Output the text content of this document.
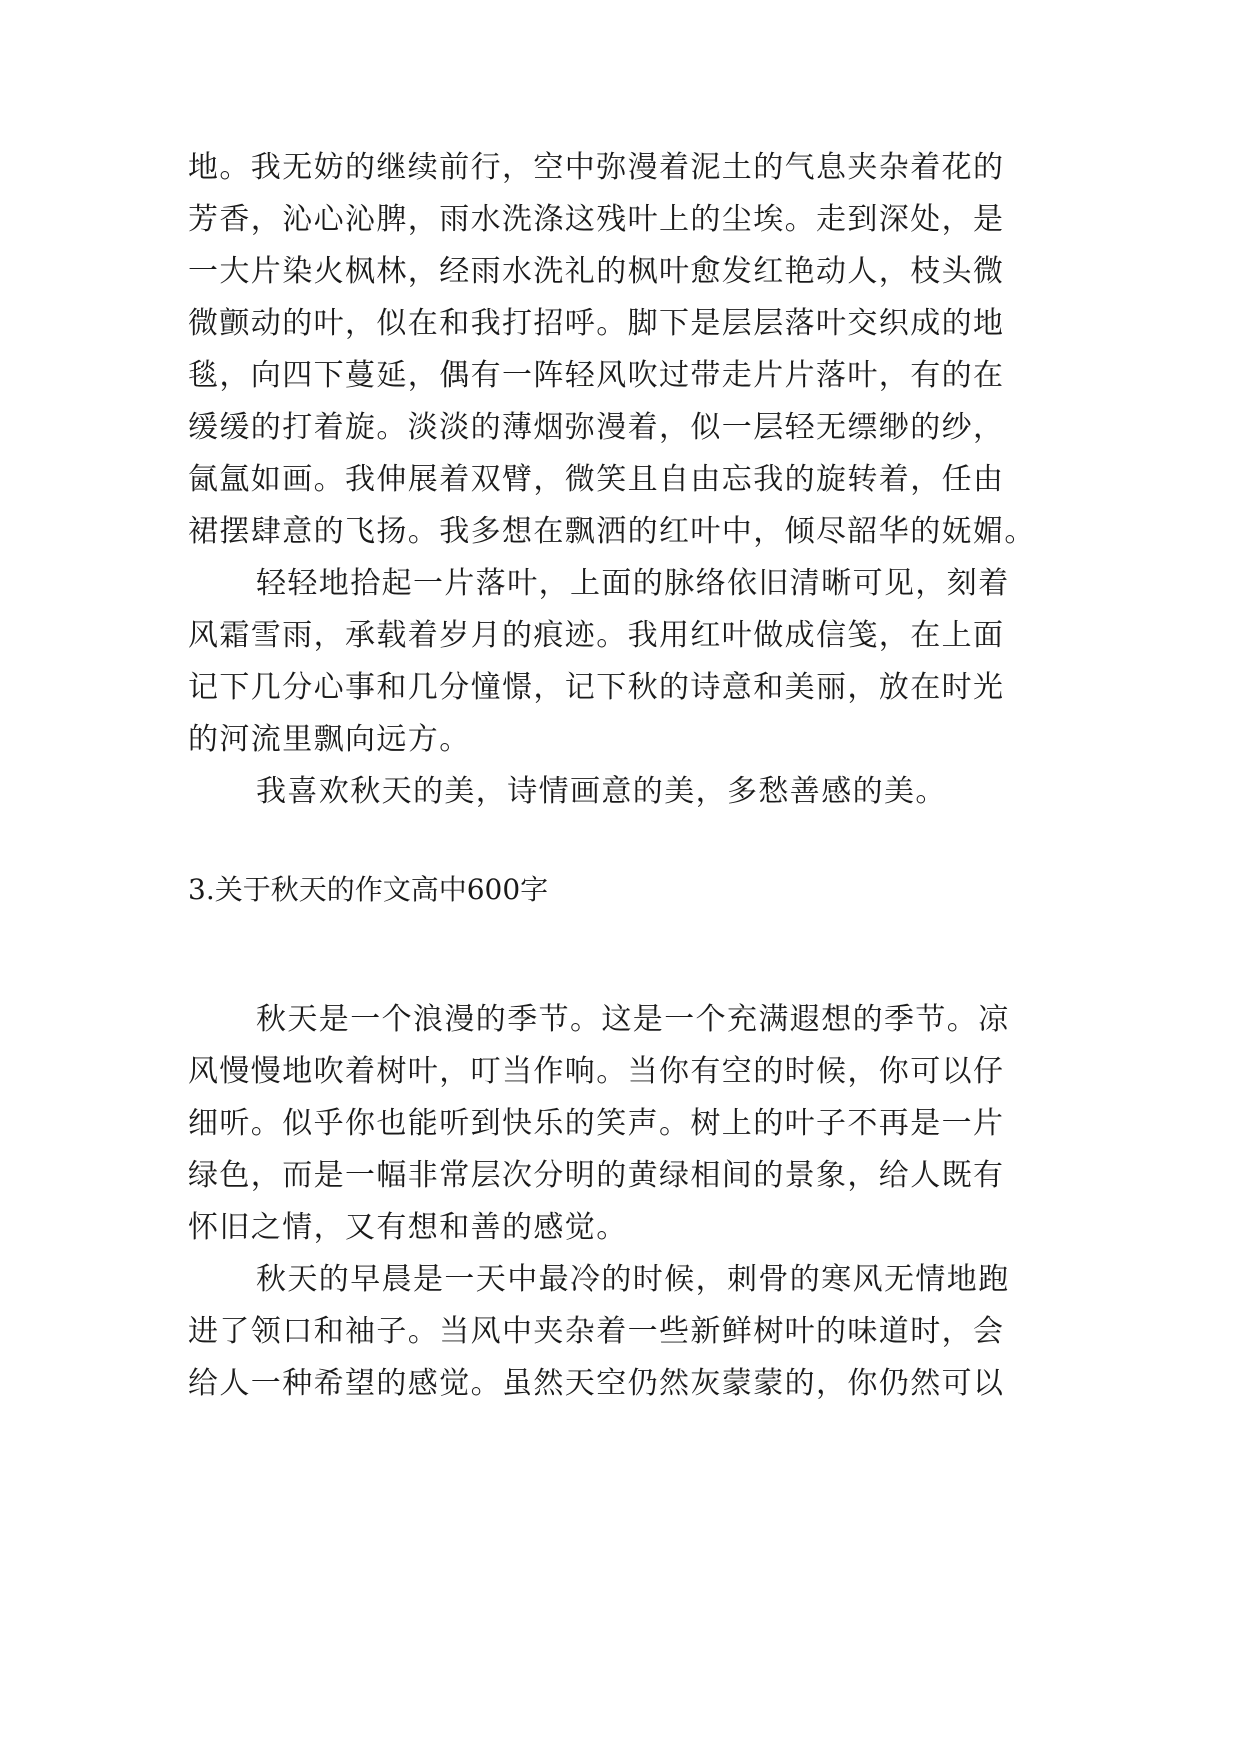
地。我无妨的继续前行，空中弥漫着泥土的气息夹杂着花的
芳香，沁心沁脾，雨水洗涤这残叶上的尘埃。走到深处，是
一大片染火枫林，经雨水洗礼的枫叶愈发红艳动人，枝头微
微颤动的叶，似在和我打招呼。脚下是层层落叶交织成的地
毯，向四下蔓延，偶有一阵轻风吹过带走片片落叶，有的在
缓缓的打着旋。淡淡的薄烟弥漫着，似一层轻无缥缈的纱，
氤氲如画。我伸展着双臂，微笑且自由忘我的旋转着，任由
裙摆肆意的飞扬。我多想在飘洒的红叶中，倾尽韶华的妩媚。
轻轻地拾起一片落叶，上面的脉络依旧清晰可见，刻着
风霜雪雨，承载着岁月的痕迹。我用红叶做成信笺，在上面
记下几分心事和几分憧憬，记下秋的诗意和美丽，放在时光
的河流里飘向远方。
我喜欢秋天的美，诗情画意的美，多愁善感的美。
3.关于秋天的作文高中600字
秋天是一个浪漫的季节。这是一个充满遐想的季节。凉
风慢慢地吹着树叶，叮当作响。当你有空的时候，你可以仔
细听。似乎你也能听到快乐的笑声。树上的叶子不再是一片
绿色，而是一幅非常层次分明的黄绿相间的景象，给人既有
怀旧之情，又有想和善的感觉。
秋天的早晨是一天中最冷的时候，刺骨的寒风无情地跑
进了领口和袖子。当风中夹杂着一些新鲜树叶的味道时，会
给人一种希望的感觉。虽然天空仍然灰蒙蒙的，你仍然可以
